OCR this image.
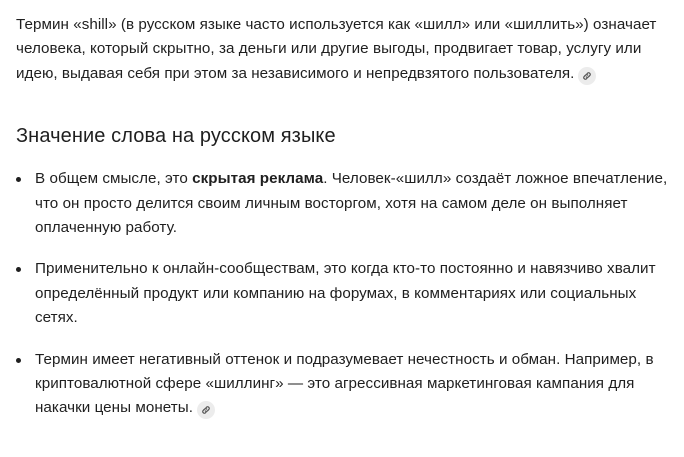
Термин «shill» (в русском языке часто используется как «шилл» или «шиллить») означает человека, который скрытно, за деньги или другие выгоды, продвигает товар, услугу или идею, выдавая себя при этом за независимого и непредвзятого пользователя.

Значение слова на русском языке
В общем смысле, это скрытая реклама. Человек-«шилл» создаёт ложное впечатление, что он просто делится своим личным восторгом, хотя на самом деле он выполняет оплаченную работу.
Применительно к онлайн-сообществам, это когда кто-то постоянно и навязчиво хвалит определённый продукт или компанию на форумах, в комментариях или социальных сетях.
Термин имеет негативный оттенок и подразумевает нечестность и обман. Например, в криптовалютной сфере «шиллинг» — это агрессивная маркетинговая кампания для накачки цены монеты.
